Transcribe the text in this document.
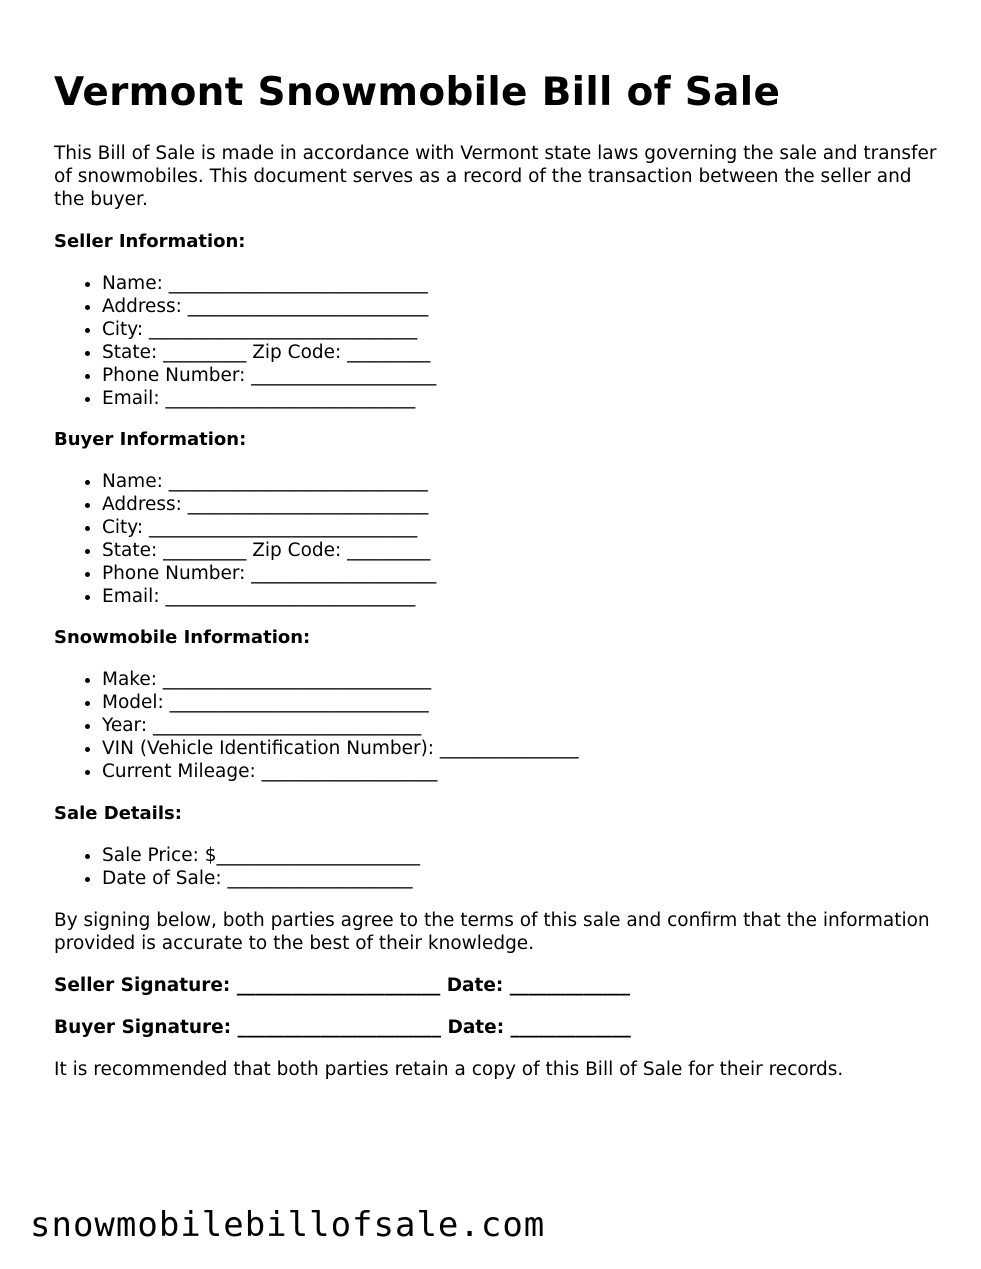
Vermont Snowmobile Bill of Sale

This Bill of Sale is made in accordance with Vermont state laws governing the sale and transfer of snowmobiles. This document serves as a record of the transaction between the seller and the buyer.

Seller Information:

• Name: ____________________________
• Address: __________________________
• City: _____________________________
• State: _________ Zip Code: _________
• Phone Number: ____________________
• Email: ___________________________

Buyer Information:

• Name: ____________________________
• Address: __________________________
• City: _____________________________
• State: _________ Zip Code: _________
• Phone Number: ____________________
• Email: ___________________________

Snowmobile Information:

• Make: _____________________________
• Model: ____________________________
• Year: _____________________________
• VIN (Vehicle Identification Number): _______________
• Current Mileage: ___________________

Sale Details:

• Sale Price: $______________________
• Date of Sale: ____________________

By signing below, both parties agree to the terms of this sale and confirm that the information provided is accurate to the best of their knowledge.

Seller Signature: ______________________ Date: _____________

Buyer Signature: ______________________ Date: _____________

It is recommended that both parties retain a copy of this Bill of Sale for their records.

snowmobilebillofsale.com
